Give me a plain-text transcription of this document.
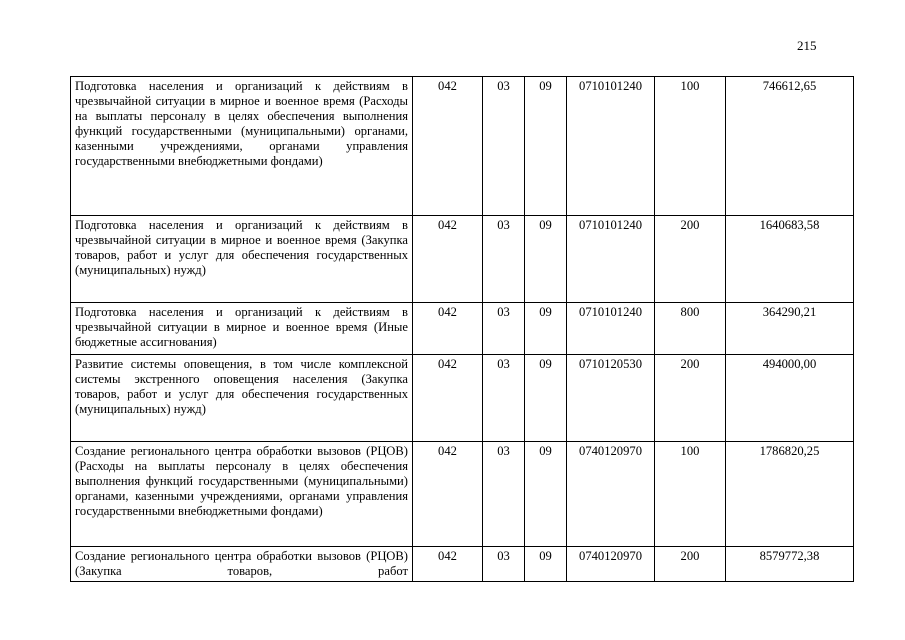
215
Подготовка населения и организаций к действиям в чрезвычайной ситуации в мирное и военное время (Расходы на выплаты персоналу в целях обеспечения выполнения функций государственными (муниципальными) органами, казенными учреждениями, органами управления государственными внебюджетными фондами)	042	03	09	0710101240	100	746612,65
Подготовка населения и организаций к действиям в чрезвычайной ситуации в мирное и военное время (Закупка товаров, работ и услуг для обеспечения государственных (муниципальных) нужд)	042	03	09	0710101240	200	1640683,58
Подготовка населения и организаций к действиям в чрезвычайной ситуации в мирное и военное время (Иные бюджетные ассигнования)	042	03	09	0710101240	800	364290,21
Развитие системы оповещения, в том числе комплексной системы экстренного оповещения населения (Закупка товаров, работ и услуг для обеспечения государственных (муниципальных) нужд)	042	03	09	0710120530	200	494000,00
Создание регионального центра обработки вызовов (РЦОВ) (Расходы на выплаты персоналу в целях обеспечения выполнения функций государственными (муниципальными) органами, казенными учреждениями, органами управления государственными внебюджетными фондами)	042	03	09	0740120970	100	1786820,25
Создание регионального центра обработки вызовов (РЦОВ) (Закупка товаров, работ	042	03	09	0740120970	200	8579772,38
